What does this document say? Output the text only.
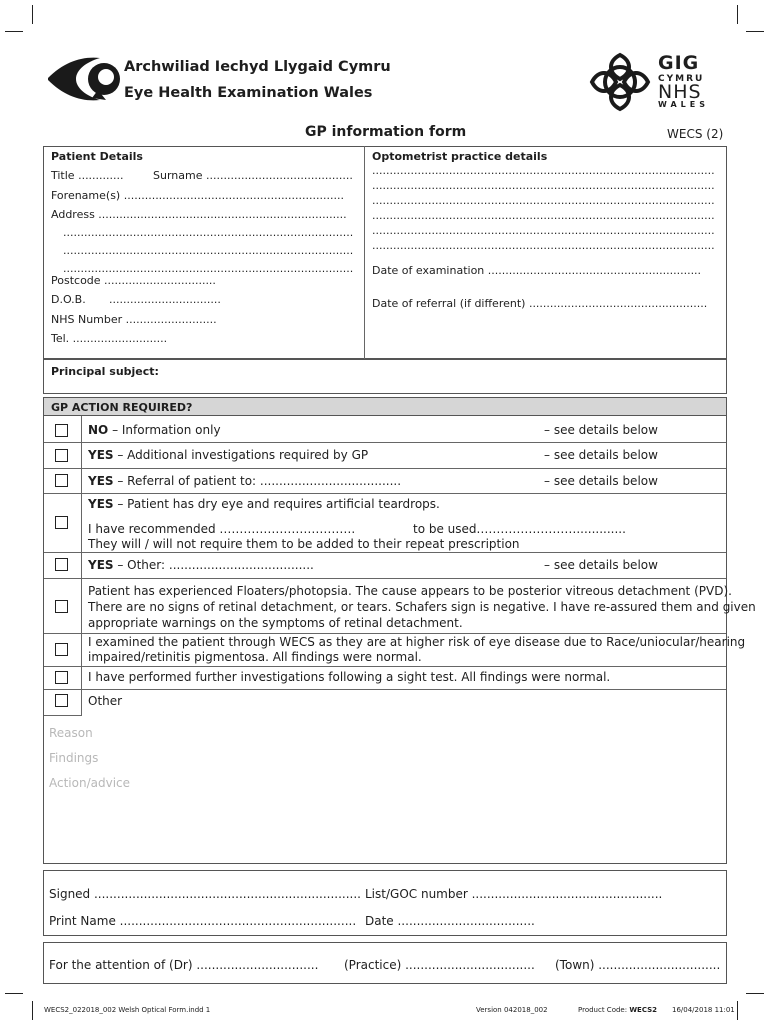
Archwiliad Iechyd Llygaid Cymru
Eye Health Examination Wales
GIG
CYMRU
NHS
WALES
GP information form	WECS (2)
Patient Details
Title .............	Surname ..........................................
Forename(s) ...............................................................
Address .......................................................................
...................................................................................
...................................................................................
...................................................................................
Postcode ................................
D.O.B. ................................
NHS Number ..........................
Tel. ...........................
Optometrist practice details
..................................................................................................
..................................................................................................
..................................................................................................
..................................................................................................
..................................................................................................
..................................................................................................
Date of examination .............................................................
Date of referral (if different) ...................................................
Principal subject:
GP ACTION REQUIRED?
NO – Information only	– see details below
YES – Additional investigations required by GP	– see details below
YES – Referral of patient to: .....................................	– see details below
YES – Patient has dry eye and requires artificial teardrops.
I have recommended …………………………….	to be used.…………………….............
They will / will not require them to be added to their repeat prescription
YES – Other: ......................................	– see details below
Patient has experienced Floaters/photopsia. The cause appears to be posterior vitreous detachment (PVD).
There are no signs of retinal detachment, or tears. Schafers sign is negative. I have re-assured them and given
appropriate warnings on the symptoms of retinal detachment.
I examined the patient through WECS as they are at higher risk of eye disease due to Race/uniocular/hearing
impaired/retinitis pigmentosa. All findings were normal.
I have performed further investigations following a sight test. All findings were normal.
Other
Reason
Findings
Action/advice
Signed ...................................................................... List/GOC number ..................................................
Print Name .............................................................. Date ....................................
For the attention of (Dr) ................................ (Practice) .................................. (Town) ................................
WECS2_022018_002 Welsh Optical Form.indd 1	Version 042018_002	Product Code: WECS2 16/04/2018 11:01
